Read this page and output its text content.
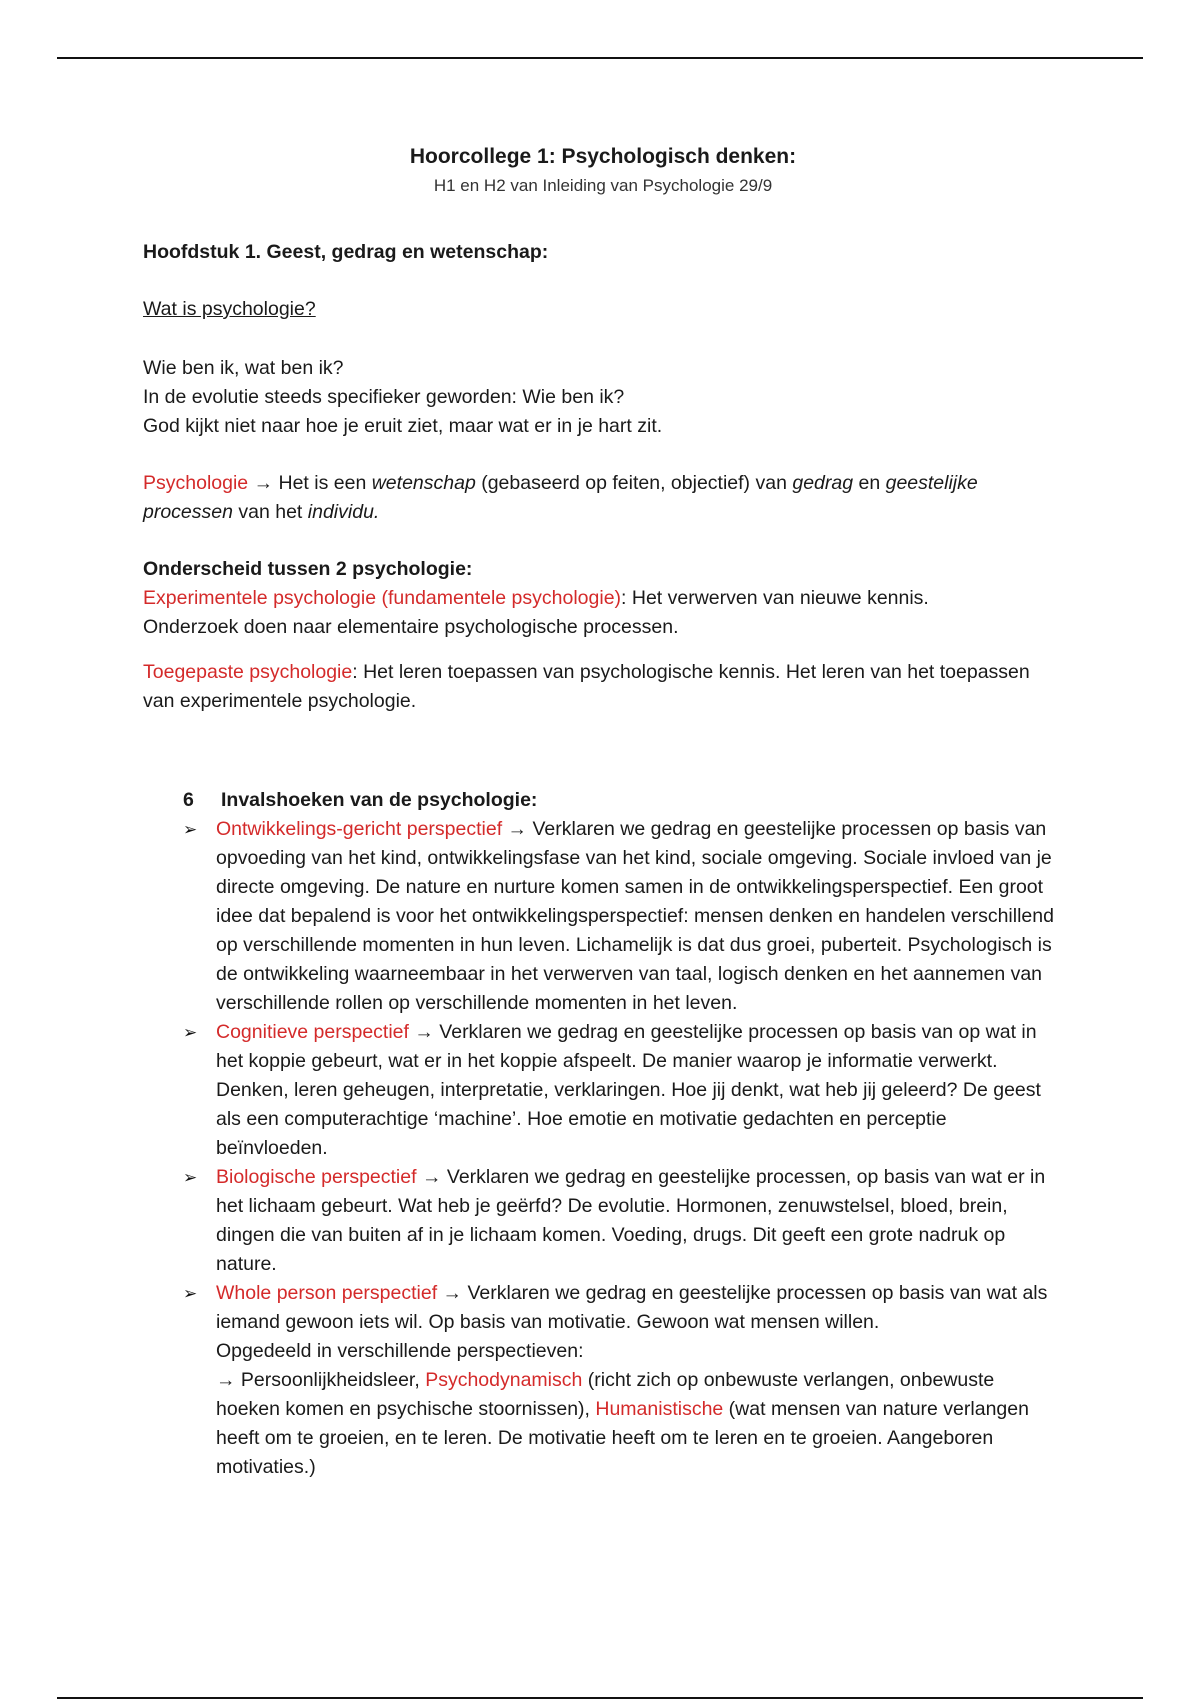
Hoorcollege 1: Psychologisch denken:
H1 en H2 van Inleiding van Psychologie 29/9

Hoofdstuk 1. Geest, gedrag en wetenschap:

Wat is psychologie?

Wie ben ik, wat ben ik?

In de evolutie steeds specifieker geworden: Wie ben ik?

God kijkt niet naar hoe je eruit ziet, maar wat er in je hart zit.

Psychologie → Het is een wetenschap (gebaseerd op feiten, objectief) van gedrag en geestelijke processen van het individu.

Onderscheid tussen 2 psychologie:

Experimentele psychologie (fundamentele psychologie): Het verwerven van nieuwe kennis.

Onderzoek doen naar elementaire psychologische processen.

Toegepaste psychologie: Het leren toepassen van psychologische kennis. Het leren van het toepassen van experimentele psychologie.

6	Invalshoeken van de psychologie:
➢ Ontwikkelings-gericht perspectief → Verklaren we gedrag en geestelijke processen op basis van opvoeding van het kind, ontwikkelingsfase van het kind, sociale omgeving. Sociale invloed van je directe omgeving. De nature en nurture komen samen in de ontwikkelingsperspectief. Een groot idee dat bepalend is voor het ontwikkelingsperspectief: mensen denken en handelen verschillend op verschillende momenten in hun leven. Lichamelijk is dat dus groei, puberteit. Psychologisch is de ontwikkeling waarneembaar in het verwerven van taal, logisch denken en het aannemen van verschillende rollen op verschillende momenten in het leven.
➢ Cognitieve perspectief → Verklaren we gedrag en geestelijke processen op basis van op wat in het koppie gebeurt, wat er in het koppie afspeelt. De manier waarop je informatie verwerkt. Denken, leren geheugen, interpretatie, verklaringen. Hoe jij denkt, wat heb jij geleerd? De geest als een computerachtige ‘machine’. Hoe emotie en motivatie gedachten en perceptie beïnvloeden.
➢ Biologische perspectief → Verklaren we gedrag en geestelijke processen, op basis van wat er in het lichaam gebeurt. Wat heb je geërfd? De evolutie. Hormonen, zenuwstelsel, bloed, brein, dingen die van buiten af in je lichaam komen. Voeding, drugs. Dit geeft een grote nadruk op nature.
➢ Whole person perspectief → Verklaren we gedrag en geestelijke processen op basis van wat als iemand gewoon iets wil. Op basis van motivatie. Gewoon wat mensen willen.
Opgedeeld in verschillende perspectieven:
→ Persoonlijkheidsleer, Psychodynamisch (richt zich op onbewuste verlangen, onbewuste hoeken komen en psychische stoornissen), Humanistische (wat mensen van nature verlangen heeft om te groeien, en te leren. De motivatie heeft om te leren en te groeien. Aangeboren motivaties.)
